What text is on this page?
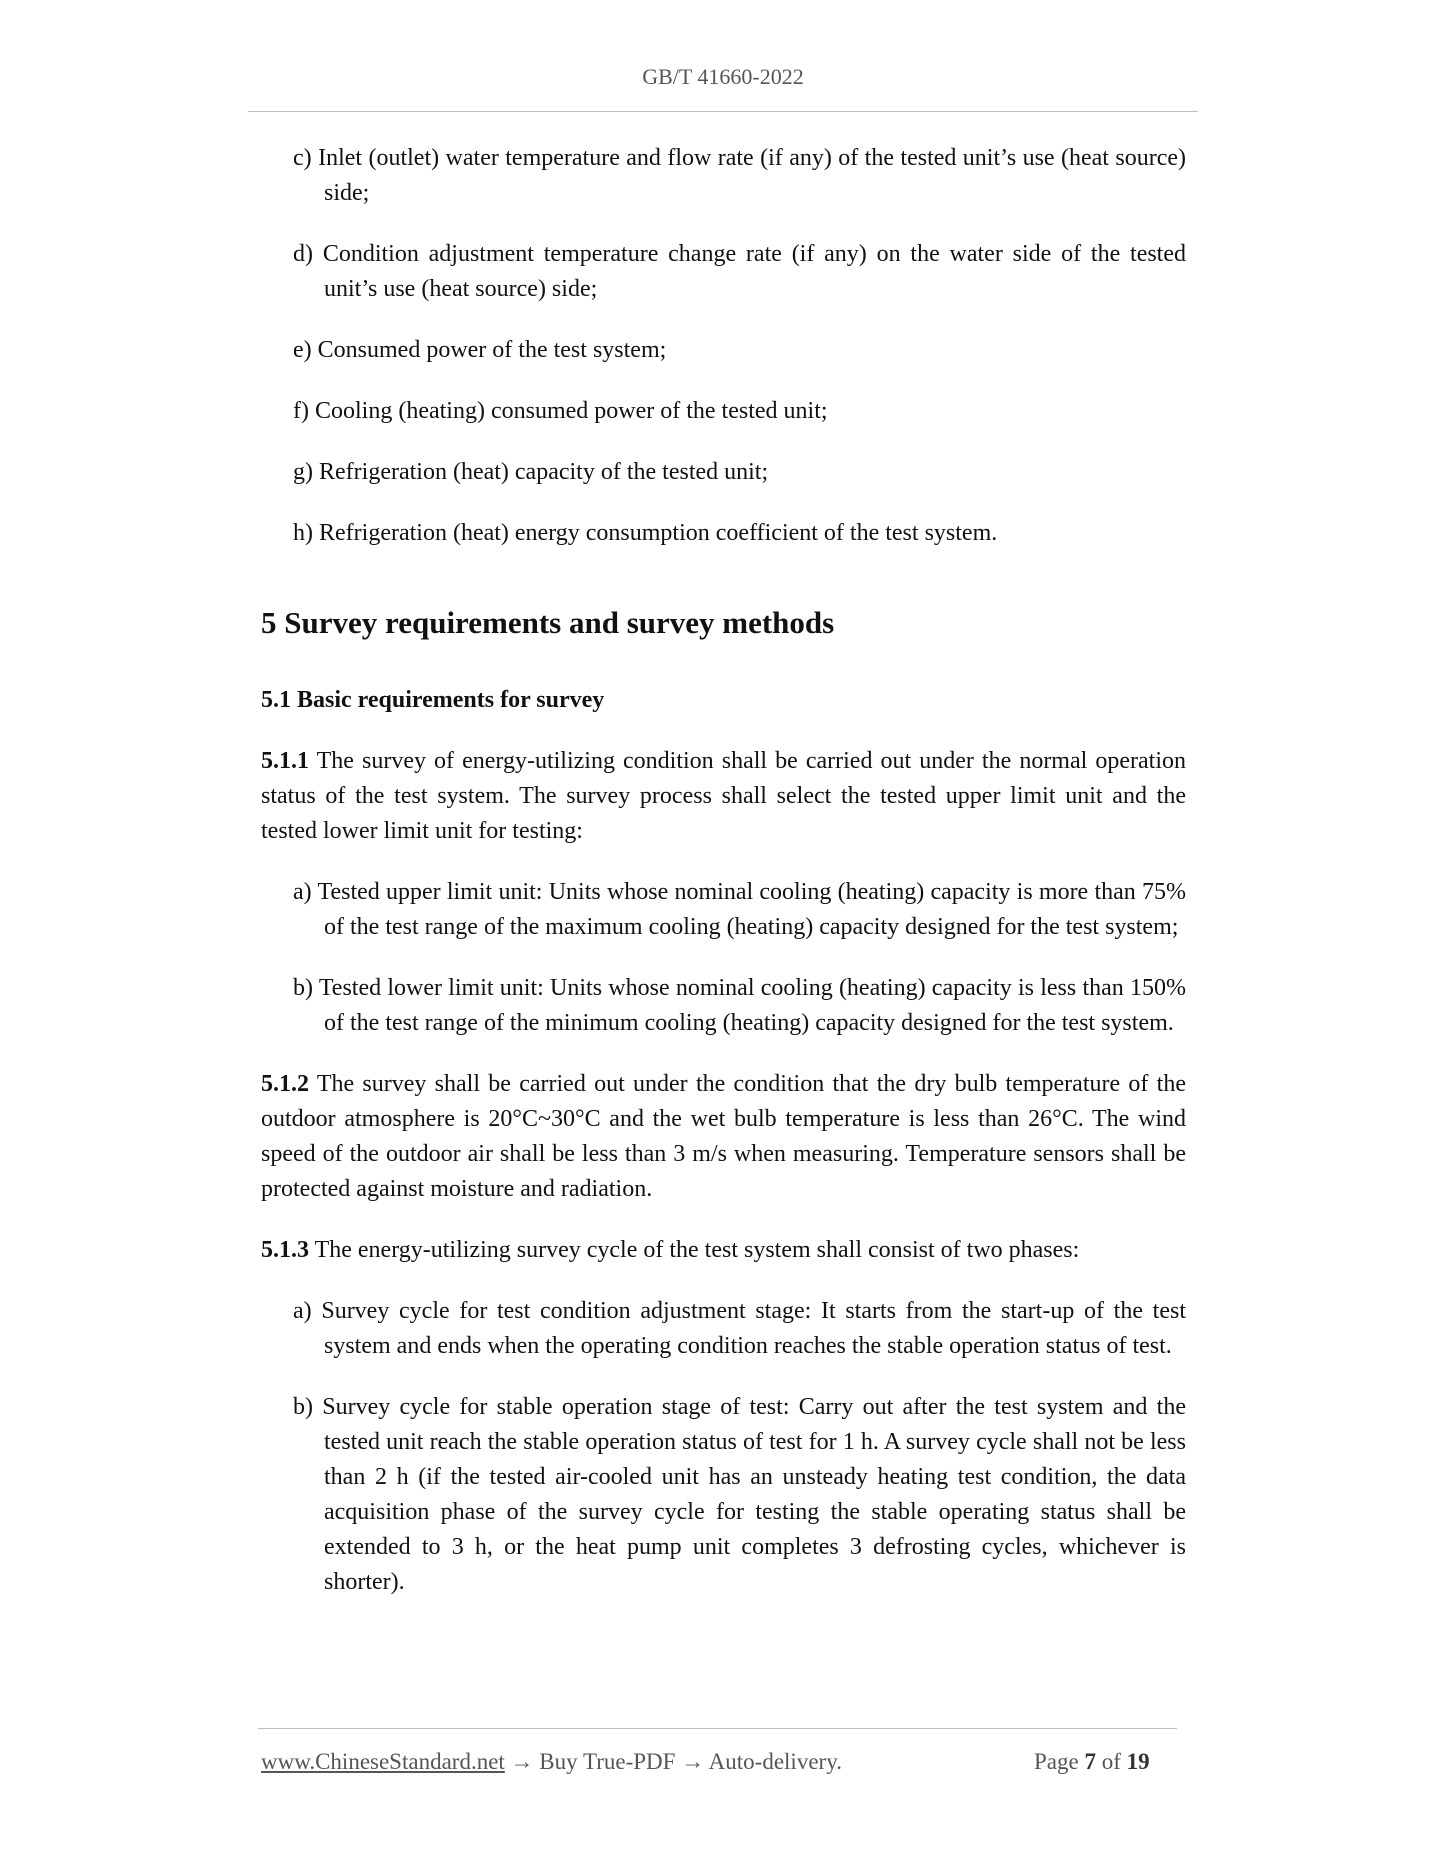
GB/T 41660-2022

c) Inlet (outlet) water temperature and flow rate (if any) of the tested unit’s use (heat source) side;

d) Condition adjustment temperature change rate (if any) on the water side of the tested unit’s use (heat source) side;

e) Consumed power of the test system;

f) Cooling (heating) consumed power of the tested unit;

g) Refrigeration (heat) capacity of the tested unit;

h) Refrigeration (heat) energy consumption coefficient of the test system.

5 Survey requirements and survey methods

5.1 Basic requirements for survey

5.1.1 The survey of energy-utilizing condition shall be carried out under the normal operation status of the test system. The survey process shall select the tested upper limit unit and the tested lower limit unit for testing:

a) Tested upper limit unit: Units whose nominal cooling (heating) capacity is more than 75% of the test range of the maximum cooling (heating) capacity designed for the test system;

b) Tested lower limit unit: Units whose nominal cooling (heating) capacity is less than 150% of the test range of the minimum cooling (heating) capacity designed for the test system.

5.1.2 The survey shall be carried out under the condition that the dry bulb temperature of the outdoor atmosphere is 20°C~30°C and the wet bulb temperature is less than 26°C. The wind speed of the outdoor air shall be less than 3 m/s when measuring. Temperature sensors shall be protected against moisture and radiation.

5.1.3 The energy-utilizing survey cycle of the test system shall consist of two phases:

a) Survey cycle for test condition adjustment stage: It starts from the start-up of the test system and ends when the operating condition reaches the stable operation status of test.

b) Survey cycle for stable operation stage of test: Carry out after the test system and the tested unit reach the stable operation status of test for 1 h. A survey cycle shall not be less than 2 h (if the tested air-cooled unit has an unsteady heating test condition, the data acquisition phase of the survey cycle for testing the stable operating status shall be extended to 3 h, or the heat pump unit completes 3 defrosting cycles, whichever is shorter).

www.ChineseStandard.net → Buy True-PDF → Auto-delivery.	Page 7 of 19
